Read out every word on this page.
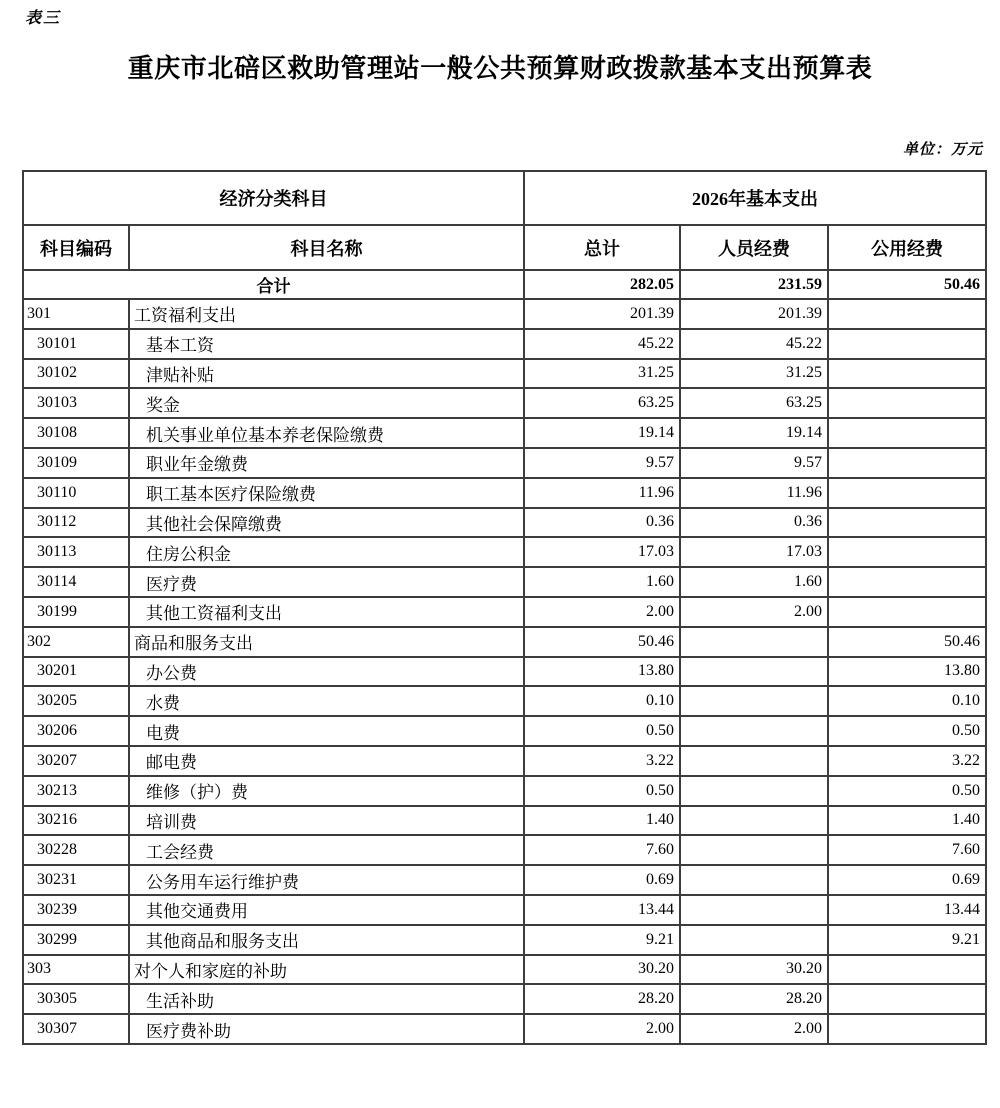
表三
重庆市北碚区救助管理站一般公共预算财政拨款基本支出预算表
单位：万元
经济分类科目		2026年基本支出		
科目编码	科目名称	总计	人员经费	公用经费
合计		282.05	231.59	50.46
301	工资福利支出	201.39	201.39	
30101	基本工资	45.22	45.22	
30102	津贴补贴	31.25	31.25	
30103	奖金	63.25	63.25	
30108	机关事业单位基本养老保险缴费	19.14	19.14	
30109	职业年金缴费	9.57	9.57	
30110	职工基本医疗保险缴费	11.96	11.96	
30112	其他社会保障缴费	0.36	0.36	
30113	住房公积金	17.03	17.03	
30114	医疗费	1.60	1.60	
30199	其他工资福利支出	2.00	2.00	
302	商品和服务支出	50.46		50.46
30201	办公费	13.80		13.80
30205	水费	0.10		0.10
30206	电费	0.50		0.50
30207	邮电费	3.22		3.22
30213	维修（护）费	0.50		0.50
30216	培训费	1.40		1.40
30228	工会经费	7.60		7.60
30231	公务用车运行维护费	0.69		0.69
30239	其他交通费用	13.44		13.44
30299	其他商品和服务支出	9.21		9.21
303	对个人和家庭的补助	30.20	30.20	
30305	生活补助	28.20	28.20	
30307	医疗费补助	2.00	2.00	
